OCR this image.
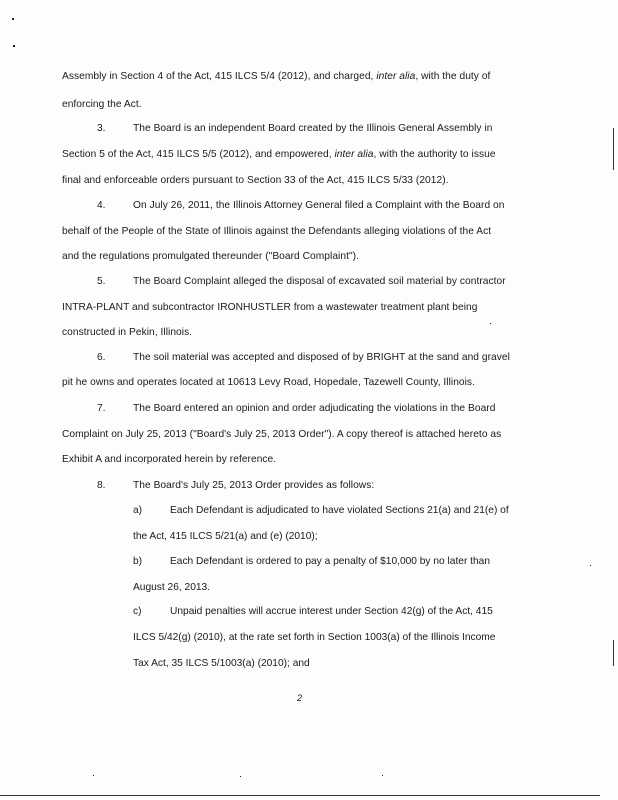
Assembly in Section 4 of the Act, 415 ILCS 5/4 (2012), and charged, inter alia, with the duty of
enforcing the Act.
3.	The Board is an independent Board created by the Illinois General Assembly in
Section 5 of the Act, 415 ILCS 5/5 (2012), and empowered, inter alia, with the authority to issue
final and enforceable orders pursuant to Section 33 of the Act, 415 ILCS 5/33 (2012).
4.	On July 26, 2011, the Illinois Attorney General filed a Complaint with the Board on
behalf of the People of the State of Illinois against the Defendants alleging violations of the Act
and the regulations promulgated thereunder ("Board Complaint").
5.	The Board Complaint alleged the disposal of excavated soil material by contractor
INTRA-PLANT and subcontractor IRONHUSTLER from a wastewater treatment plant being
constructed in Pekin, Illinois.
6.	The soil material was accepted and disposed of by BRIGHT at the sand and gravel
pit he owns and operates located at 10613 Levy Road, Hopedale, Tazewell County, Illinois.
7.	The Board entered an opinion and order adjudicating the violations in the Board
Complaint on July 25, 2013 ("Board's July 25, 2013 Order"). A copy thereof is attached hereto as
Exhibit A and incorporated herein by reference.
8.	The Board's July 25, 2013 Order provides as follows:
a)	Each Defendant is adjudicated to have violated Sections 21(a) and 21(e) of
the Act, 415 ILCS 5/21(a) and (e) (2010);
b)	Each Defendant is ordered to pay a penalty of $10,000 by no later than
August 26, 2013.
c)	Unpaid penalties will accrue interest under Section 42(g) of the Act, 415
ILCS 5/42(g) (2010), at the rate set forth in Section 1003(a) of the Illinois Income
Tax Act, 35 ILCS 5/1003(a) (2010); and
2
